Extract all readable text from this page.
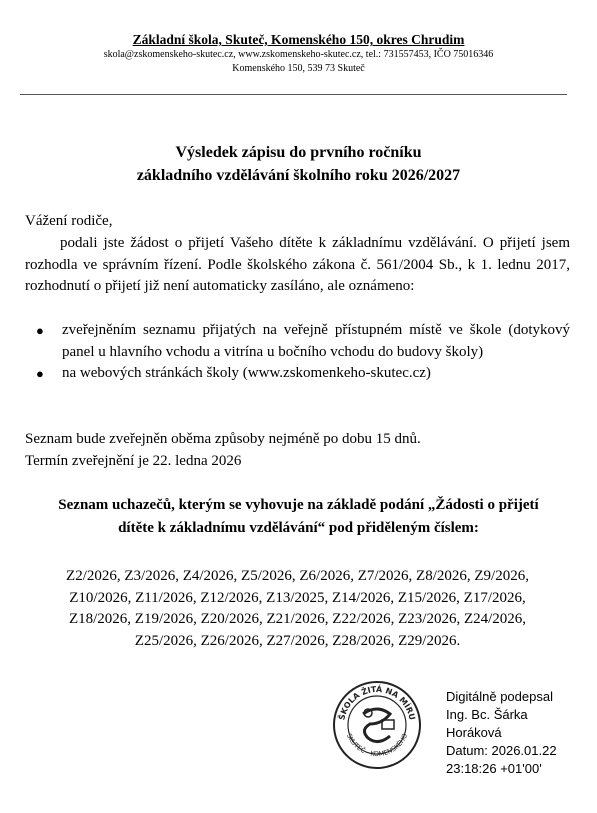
Základní škola, Skuteč, Komenského 150, okres Chrudim
skola@zskomenskeho-skutec.cz, www.zskomenskeho-skutec.cz, tel.: 731557453, IČO 75016346
Komenského 150, 539 73 Skuteč
Výsledek zápisu do prvního ročníku
základního vzdělávání školního roku 2026/2027
Vážení rodiče,
podali jste žádost o přijetí Vašeho dítěte k základnímu vzdělávání. O přijetí jsem rozhodla ve správním řízení. Podle školského zákona č. 561/2004 Sb., k 1. lednu 2017, rozhodnutí o přijetí již není automaticky zasíláno, ale oznámeno:
● zveřejněním seznamu přijatých na veřejně přístupném místě ve škole (dotykový panel u hlavního vchodu a vitrína u bočního vchodu do budovy školy)
● na webových stránkách školy (www.zskomenkeho-skutec.cz)
Seznam bude zveřejněn oběma způsoby nejméně po dobu 15 dnů.
Termín zveřejnění je 22. ledna 2026
Seznam uchazečů, kterým se vyhovuje na základě podání „Žádosti o přijetí
dítěte k základnímu vzdělávání“ pod přiděleným číslem:
Z2/2026, Z3/2026, Z4/2026, Z5/2026, Z6/2026, Z7/2026, Z8/2026, Z9/2026,
Z10/2026, Z11/2026, Z12/2026, Z13/2025, Z14/2026, Z15/2026, Z17/2026,
Z18/2026, Z19/2026, Z20/2026, Z21/2026, Z22/2026, Z23/2026, Z24/2026,
Z25/2026, Z26/2026, Z27/2026, Z28/2026, Z29/2026.
ŠKOLA ŽITÁ NA MÍRU
SKUTEČ - KOMENSKÉHO
Digitálně podepsal
Ing. Bc. Šárka
Horáková
Datum: 2026.01.22
23:18:26 +01'00'
